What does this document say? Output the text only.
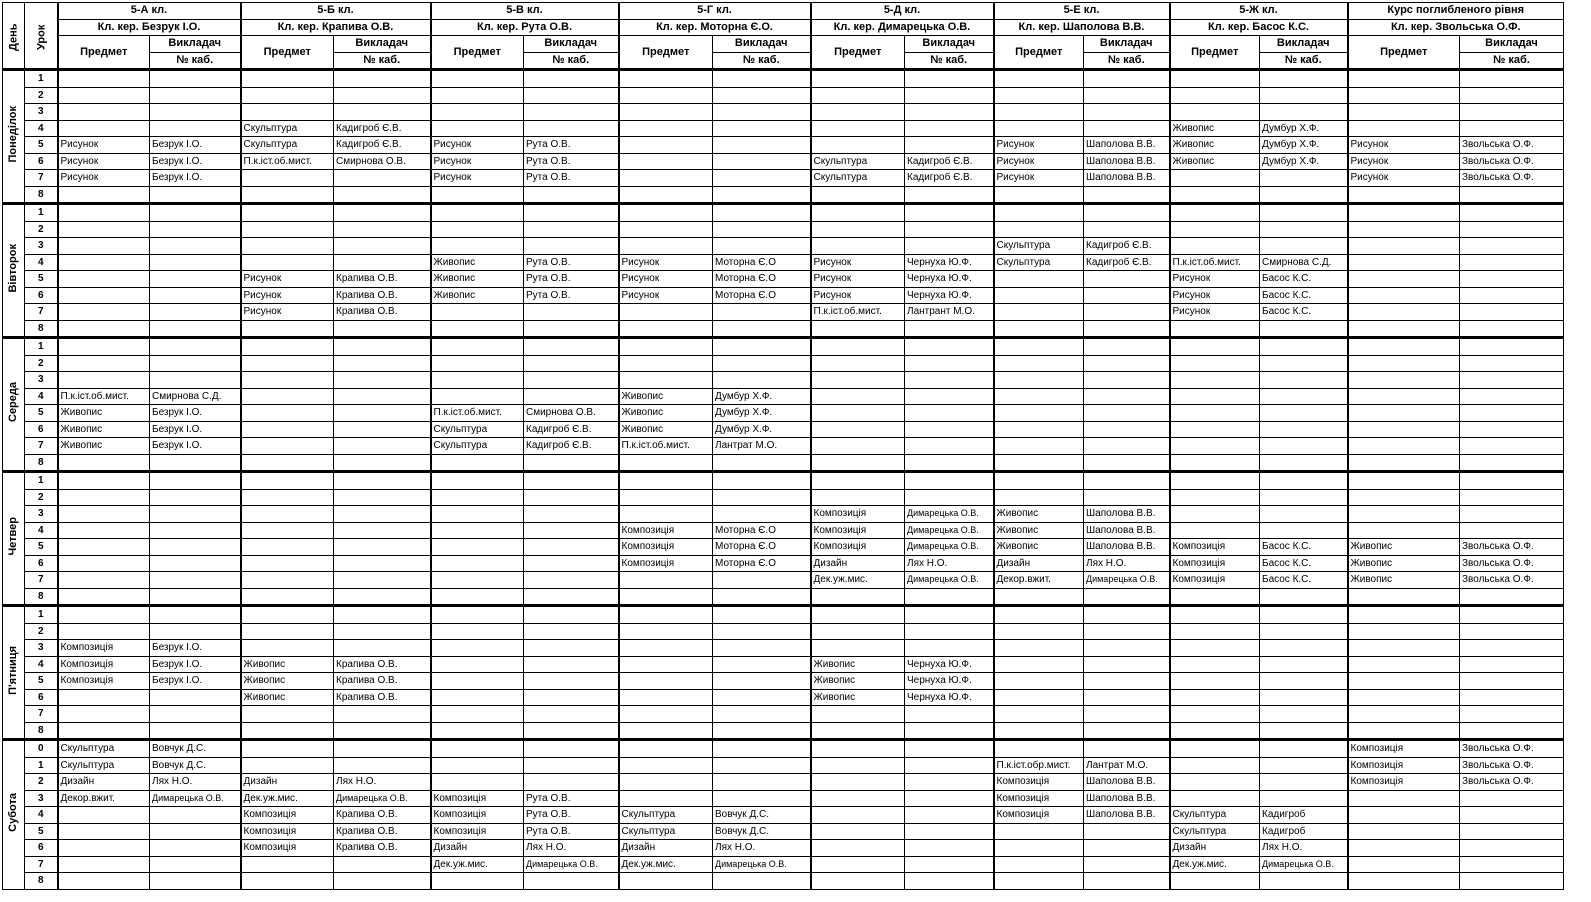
День	Урок	5-А кл.		5-Б кл.		5-В кл.		5-Г кл.		5-Д кл.		5-Е кл.		5-Ж кл.		Курс поглибленого рівня	
		Кл. кер. Безрук І.О.		Кл. кер. Крапива О.В.		Кл. кер. Рута О.В.		Кл. кер. Моторна Є.О.		Кл. кер. Димарецька О.В.		Кл. кер. Шаполова В.В.		Кл. кер. Басос К.С.		Кл. кер. Звольська О.Ф.	
		Предмет	Викладач	Предмет	Викладач	Предмет	Викладач	Предмет	Викладач	Предмет	Викладач	Предмет	Викладач	Предмет	Викладач	Предмет	Викладач
			№ каб.		№ каб.		№ каб.		№ каб.		№ каб.		№ каб.		№ каб.		№ каб.
Понеділок	1																
	2																
	3																
	4			Скульптура	Кадигроб Є.В.									Живопис	Думбур Х.Ф.		
	5	Рисунок	Безрук І.О.	Скульптура	Кадигроб Є.В.	Рисунок	Рута О.В.					Рисунок	Шаполова В.В.	Живопис	Думбур Х.Ф.	Рисунок	Звольська О.Ф.
	6	Рисунок	Безрук І.О.	П.к.іст.об.мист.	Смирнова О.В.	Рисунок	Рута О.В.			Скульптура	Кадигроб Є.В.	Рисунок	Шаполова В.В.	Живопис	Думбур Х.Ф.	Рисунок	Звольська О.Ф.
	7	Рисунок	Безрук І.О.			Рисунок	Рута О.В.			Скульптура	Кадигроб Є.В.	Рисунок	Шаполова В.В.			Рисунок	Звольська О.Ф.
	8																
Вівторок	1																
	2																
	3											Скульптура	Кадигроб Є.В.				
	4					Живопис	Рута О.В.	Рисунок	Моторна Є.О	Рисунок	Чернуха Ю.Ф.	Скульптура	Кадигроб Є.В.	П.к.іст.об.мист.	Смирнова С.Д.		
	5			Рисунок	Крапива О.В.	Живопис	Рута О.В.	Рисунок	Моторна Є.О	Рисунок	Чернуха Ю.Ф.			Рисунок	Басос К.С.		
	6			Рисунок	Крапива О.В.	Живопис	Рута О.В.	Рисунок	Моторна Є.О	Рисунок	Чернуха Ю.Ф.			Рисунок	Басос К.С.		
	7			Рисунок	Крапива О.В.					П.к.іст.об.мист.	Лантрант М.О.			Рисунок	Басос К.С.		
	8																
Середа	1																
	2																
	3																
	4	П.к.іст.об.мист.	Смирнова С.Д.					Живопис	Думбур Х.Ф.								
	5	Живопис	Безрук І.О.			П.к.іст.об.мист.	Смирнова О.В.	Живопис	Думбур Х.Ф.								
	6	Живопис	Безрук І.О.			Скульптура	Кадигроб Є.В.	Живопис	Думбур Х.Ф.								
	7	Живопис	Безрук І.О.			Скульптура	Кадигроб Є.В.	П.к.іст.об.мист.	Лантрат М.О.								
	8																
Четвер	1																
	2																
	3									Композиція	Димарецька О.В.	Живопис	Шаполова В.В.				
	4							Композиція	Моторна Є.О	Композиція	Димарецька О.В.	Живопис	Шаполова В.В.				
	5							Композиція	Моторна Є.О	Композиція	Димарецька О.В.	Живопис	Шаполова В.В.	Композиція	Басос К.С.	Живопис	Звольська О.Ф.
	6							Композиція	Моторна Є.О	Дизайн	Лях Н.О.	Дизайн	Лях Н.О.	Композиція	Басос К.С.	Живопис	Звольська О.Ф.
	7									Дек.уж.мис.	Димарецька О.В.	Декор.вжит.	Димарецька О.В.	Композиція	Басос К.С.	Живопис	Звольська О.Ф.
	8																
П'ятниця	1																
	2																
	3	Композиція	Безрук І.О.														
	4	Композиція	Безрук І.О.	Живопис	Крапива О.В.					Живопис	Чернуха Ю.Ф.						
	5	Композиція	Безрук І.О.	Живопис	Крапива О.В.					Живопис	Чернуха Ю.Ф.						
	6			Живопис	Крапива О.В.					Живопис	Чернуха Ю.Ф.						
	7																
	8																
Субота	0	Скульптура	Вовчук Д.С.													Композиція	Звольська О.Ф.
	1	Скульптура	Вовчук Д.С.									П.к.іст.обр.мист.	Лантрат М.О.			Композиція	Звольська О.Ф.
	2	Дизайн	Лях Н.О.	Дизайн	Лях Н.О.							Композиція	Шаполова В.В.			Композиція	Звольська О.Ф.
	3	Декор.вжит.	Димарецька О.В.	Дек.уж.мис.	Димарецька О.В.	Композиція	Рута О.В.					Композиція	Шаполова В.В.				
	4			Композиція	Крапива О.В.	Композиція	Рута О.В.	Скульптура	Вовчук Д.С.			Композиція	Шаполова В.В.	Скульптура	Кадигроб		
	5			Композиція	Крапива О.В.	Композиція	Рута О.В.	Скульптура	Вовчук Д.С.					Скульптура	Кадигроб		
	6			Композиція	Крапива О.В.	Дизайн	Лях Н.О.	Дизайн	Лях Н.О.					Дизайн	Лях Н.О.		
	7					Дек.уж.мис.	Димарецька О.В.	Дек.уж.мис.	Димарецька О.В.					Дек.уж.мис.	Димарецька О.В.		
	8																
